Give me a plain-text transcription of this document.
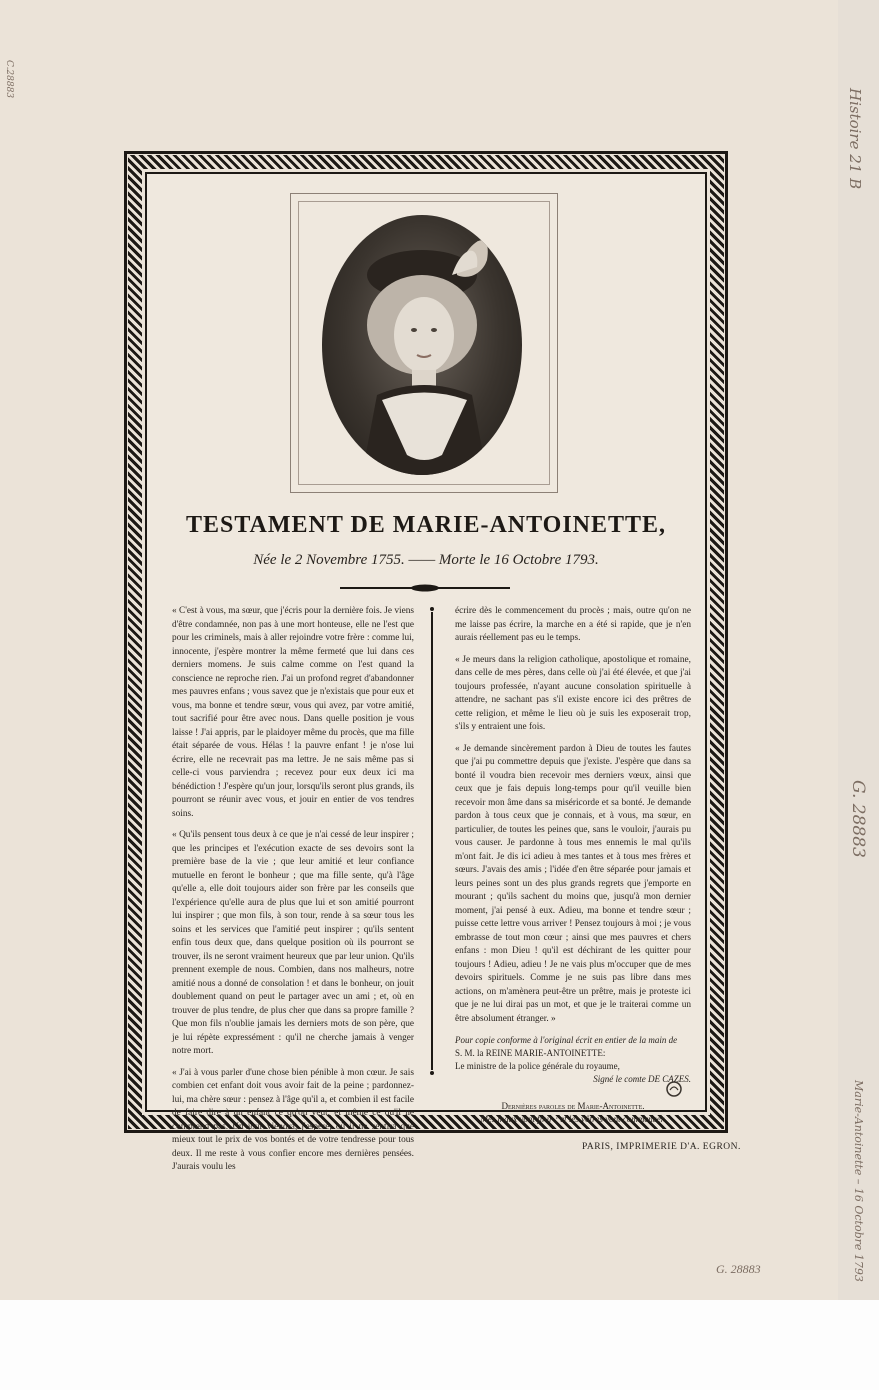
Histoire 21 B
G. 28883
Marie-Antoinette – 16 Octobre 1793
C.28883
G. 28883
TESTAMENT DE MARIE-ANTOINETTE,
Née le 2 Novembre 1755. —— Morte le 16 Octobre 1793.

« C'est à vous, ma sœur, que j'écris pour la dernière fois. Je viens d'être condamnée, non pas à une mort honteuse, elle ne l'est que pour les criminels, mais à aller rejoindre votre frère : comme lui, innocente, j'espère montrer la même fermeté que lui dans ces derniers momens. Je suis calme comme on l'est quand la conscience ne reproche rien. J'ai un profond regret d'abandonner mes pauvres enfans ; vous savez que je n'existais que pour eux et vous, ma bonne et tendre sœur, vous qui avez, par votre amitié, tout sacrifié pour être avec nous. Dans quelle position je vous laisse ! J'ai appris, par le plaidoyer même du procès, que ma fille était séparée de vous. Hélas ! la pauvre enfant ! je n'ose lui écrire, elle ne recevrait pas ma lettre. Je ne sais même pas si celle-ci vous parviendra ; recevez pour eux deux ici ma bénédiction ! J'espère qu'un jour, lorsqu'ils seront plus grands, ils pourront se réunir avec vous, et jouir en entier de vos tendres soins.

« Qu'ils pensent tous deux à ce que je n'ai cessé de leur inspirer ; que les principes et l'exécution exacte de ses devoirs sont la première base de la vie ; que leur amitié et leur confiance mutuelle en feront le bonheur ; que ma fille sente, qu'à l'âge qu'elle a, elle doit toujours aider son frère par les conseils que l'expérience qu'elle aura de plus que lui et son amitié pourront lui inspirer ; que mon fils, à son tour, rende à sa sœur tous les soins et les services que l'amitié peut inspirer ; qu'ils sentent enfin tous deux que, dans quelque position où ils pourront se trouver, ils ne seront vraiment heureux que par leur union. Qu'ils prennent exemple de nous. Combien, dans nos malheurs, notre amitié nous a donné de consolation ! et dans le bonheur, on jouit doublement quand on peut le partager avec un ami ; et, où en trouver de plus tendre, de plus cher que dans sa propre famille ? Que mon fils n'oublie jamais les derniers mots de son père, que je lui répète expressément : qu'il ne cherche jamais à venger notre mort.

« J'ai à vous parler d'une chose bien pénible à mon cœur. Je sais combien cet enfant doit vous avoir fait de la peine ; pardonnez-lui, ma chère sœur : pensez à l'âge qu'il a, et combien il est facile de faire dire à un enfant ce qu'on veut, et même ce qu'il ne comprend pas. Un jour viendra, j'espère, où il ne sentira que mieux tout le prix de vos bontés et de votre tendresse pour tous deux. Il me reste à vous confier encore mes dernières pensées. J'aurais voulu les

écrire dès le commencement du procès ; mais, outre qu'on ne me laisse pas écrire, la marche en a été si rapide, que je n'en aurais réellement pas eu le temps.

« Je meurs dans la religion catholique, apostolique et romaine, dans celle de mes pères, dans celle où j'ai été élevée, et que j'ai toujours professée, n'ayant aucune consolation spirituelle à attendre, ne sachant pas s'il existe encore ici des prêtres de cette religion, et même le lieu où je suis les exposerait trop, s'ils y entraient une fois.

« Je demande sincèrement pardon à Dieu de toutes les fautes que j'ai pu commettre depuis que j'existe. J'espère que dans sa bonté il voudra bien recevoir mes derniers vœux, ainsi que ceux que je fais depuis long-temps pour qu'il veuille bien recevoir mon âme dans sa miséricorde et sa bonté. Je demande pardon à tous ceux que je connais, et à vous, ma sœur, en particulier, de toutes les peines que, sans le vouloir, j'aurais pu vous causer. Je pardonne à tous mes ennemis le mal qu'ils m'ont fait. Je dis ici adieu à mes tantes et à tous mes frères et sœurs. J'avais des amis ; l'idée d'en être séparée pour jamais et leurs peines sont un des plus grands regrets que j'emporte en mourant ; qu'ils sachent du moins que, jusqu'à mon dernier moment, j'ai pensé à eux. Adieu, ma bonne et tendre sœur ; puisse cette lettre vous arriver ! Pensez toujours à moi ; je vous embrasse de tout mon cœur ; ainsi que mes pauvres et chers enfans : mon Dieu ! qu'il est déchirant de les quitter pour toujours ! Adieu, adieu ! Je ne vais plus m'occuper que de mes devoirs spirituels. Comme je ne suis pas libre dans mes actions, on m'amènera peut-être un prêtre, mais je proteste ici que je ne lui dirai pas un mot, et que je le traiterai comme un être absolument étranger. »

Pour copie conforme à l'original écrit en entier de la main de
S. M. la REINE MARIE-ANTOINETTE:
Le ministre de la police générale du royaume,
Signé le comte DE CAZES.
Dernières paroles de Marie-Antoinette.
Mes maux vont finir ; et les vôtres vont commencer.
PARIS, IMPRIMERIE D'A. EGRON.
